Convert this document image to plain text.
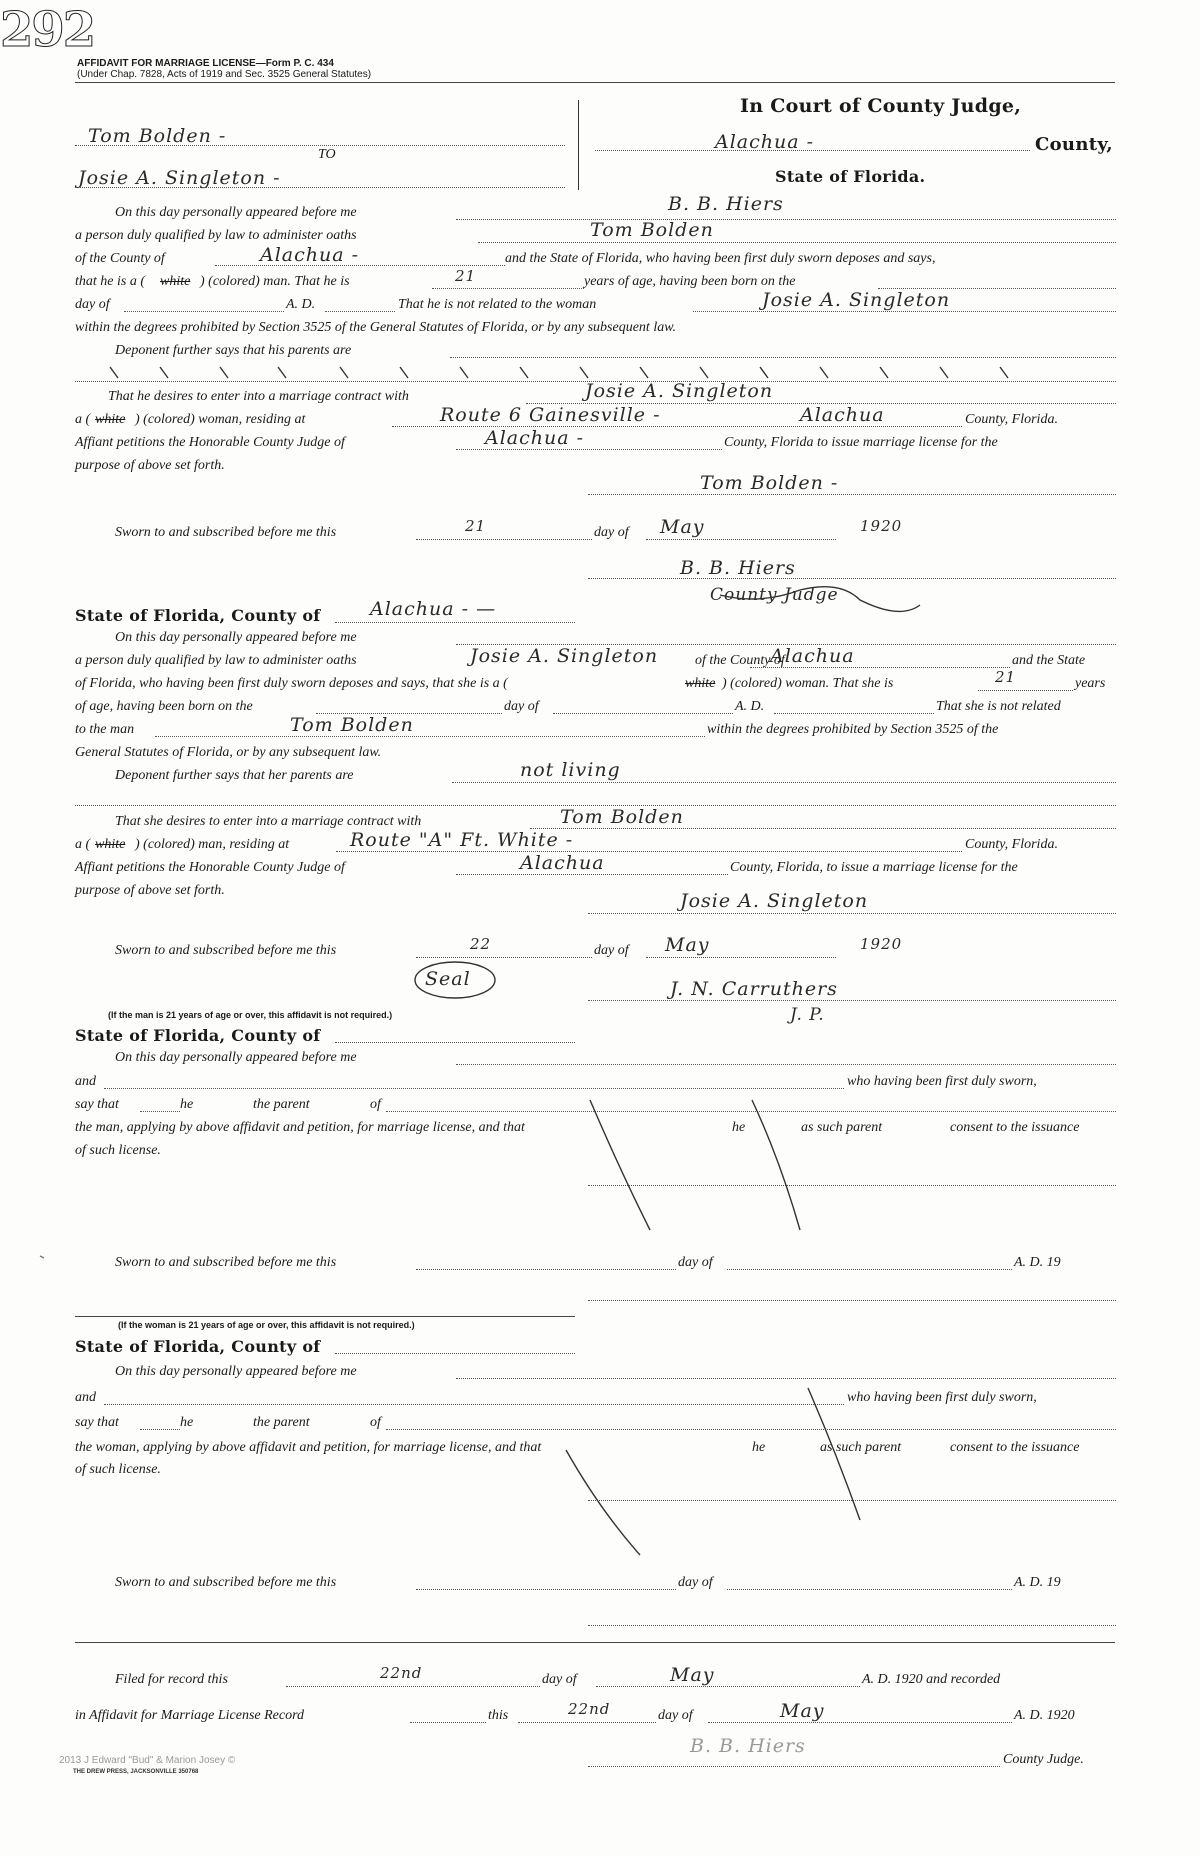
292
AFFIDAVIT FOR MARRIAGE LICENSE—Form P. C. 434
(Under Chap. 7828, Acts of 1919 and Sec. 3525 General Statutes)
Tom Bolden -
TO
Josie A. Singleton -
In Court of County Judge,
Alachua -	County,
State of Florida.
On this day personally appeared before me	B. B. Hiers
a person duly qualified by law to administer oaths	Tom Bolden
of the County of	Alachua -	and the State of Florida, who having been first duly sworn deposes and says,
that he is a ( white ) (colored) man. That he is	21	years of age, having been born on the
day of	A. D.	That he is not related to the woman	Josie A. Singleton
within the degrees prohibited by Section 3525 of the General Statutes of Florida, or by any subsequent law.
Deponent further says that his parents are
That he desires to enter into a marriage contract with	Josie A. Singleton
a ( white ) (colored) woman, residing at	Route 6 Gainesville -	Alachua	County, Florida.
Affiant petitions the Honorable County Judge of	Alachua -	County, Florida to issue marriage license for the
purpose of above set forth.
Tom Bolden -
Sworn to and subscribed before me this	21	day of May	1920
B. B. Hiers
County Judge
State of Florida, County of	Alachua - —
On this day personally appeared before me
a person duly qualified by law to administer oaths	Josie A. Singleton	of the County of
Alachua	and the State
of Florida, who having been first duly sworn deposes and says, that she is a (	white ) (colored) woman. That she is	21	years
of age, having been born on the	day of	A. D.	That she is not related
to the man	Tom Bolden	within the degrees prohibited by Section 3525 of the
General Statutes of Florida, or by any subsequent law.
Deponent further says that her parents are	not living
That she desires to enter into a marriage contract with	Tom Bolden
a ( white ) (colored) man, residing at	Route "A" Ft. White -	County, Florida.
Affiant petitions the Honorable County Judge of	Alachua	County, Florida, to issue a marriage license for the
purpose of above set forth.	Josie A. Singleton
Sworn to and subscribed before me this	22	day of May	1920
Seal	J. N. Carruthers
J. P.
(If the man is 21 years of age or over, this affidavit is not required.)
State of Florida, County of
On this day personally appeared before me
and	who having been first duly sworn,
say that	he	the parent	of
the man, applying by above affidavit and petition, for marriage license, and that	he	as such parent	consent to the issuance
of such license.
Sworn to and subscribed before me this	day of	A. D. 19
(If the woman is 21 years of age or over, this affidavit is not required.)
State of Florida, County of
On this day personally appeared before me
and	who having been first duly sworn,
say that	he	the parent	of
the woman, applying by above affidavit and petition, for marriage license, and that	he	as such parent	consent to the issuance
of such license.
Sworn to and subscribed before me this	day of	A. D. 19
Filed for record this	22nd	day of	May	A. D. 1920 and recorded
in Affidavit for Marriage License Record	this	22nd	day of	May	A. D. 1920
B. B. Hiers
County Judge.
2013 J Edward "Bud" & Marion Josey ©
THE DREW PRESS, JACKSONVILLE 350768
